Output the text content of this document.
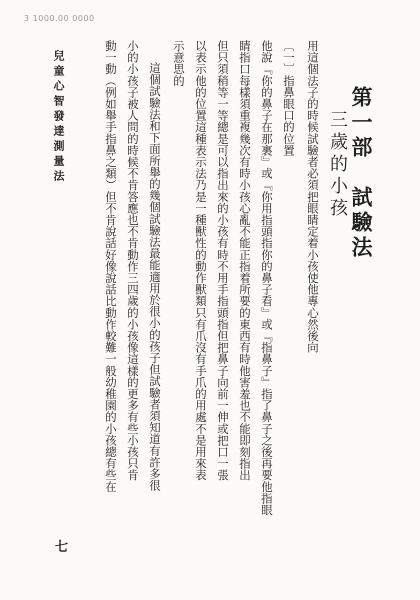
3 1000.00 0000
第一部　試驗法
三歲的小孩
用這個法子的時候試驗者必須把眼睛定着小孩使他專心然後向
〔一〕指鼻眼口的位置
他說『你的鼻子在那裏』或『你用指頭指你的鼻子看』或『指鼻子』指了鼻子之後再要他指眼
睛指口每樣須重複幾次有時小孩心亂不能正指着所要的東西有時他害羞也不能即刻指出
但只須稍等一等總是可以指出來的小孩有時不用手指頭指但把鼻子向前一伸或把口一張
以表示他的位置這種表示法乃是一種獸性的動作獸類只有爪沒有手爪的用處不是用來表
示意思的
這個試驗法和下面所舉的幾個試驗法最能適用於很小的孩子但試驗者須知道有許多很
小的小孩子被人問的時候不肯答應也不肯動作三四歲的小孩像這樣的更多有些小孩只肯
動一動（例如舉手指鼻之類）但不肯說話好像說話比動作較難一般幼稚園的小孩總有些在
兒童心智發達測量法
七
